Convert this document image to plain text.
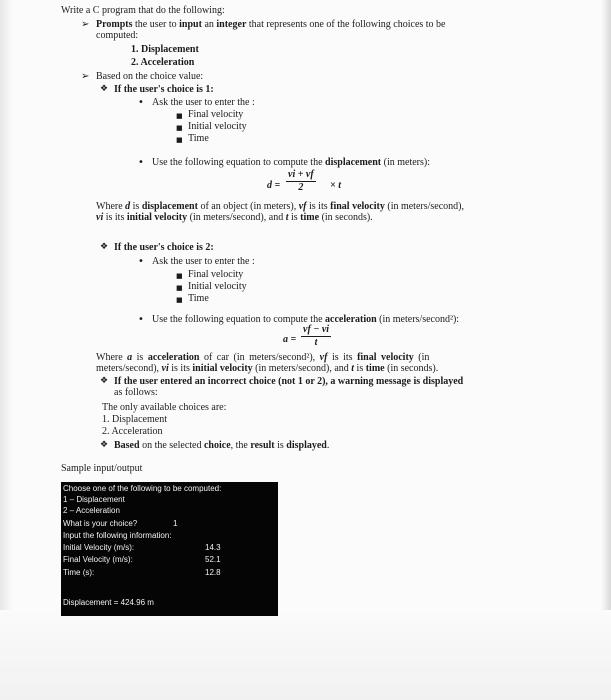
Write a C program that do the following:
➢ Prompts the user to input an integer that represents one of the following choices to be
computed:
1. Displacement
2. Acceleration
➢ Based on the choice value:
❖ If the user's choice is 1:
• Ask the user to enter the :
■ Final velocity
■ Initial velocity
■ Time
• Use the following equation to compute the displacement (in meters):
$d = \frac{vi + vf}{2} \times t$
Where d is displacement of an object (in meters), vf is its final velocity (in meters/second),
vi is its initial velocity (in meters/second), and t is time (in seconds).
❖ If the user's choice is 2:
• Ask the user to enter the :
■ Final velocity
■ Initial velocity
■ Time
• Use the following equation to compute the acceleration (in meters/second²):
$a = \frac{vf - vi}{t}$
Where a is acceleration of car (in meters/second²), vf is its final velocity (in
meters/second), vi is its initial velocity (in meters/second), and t is time (in seconds).
❖ If the user entered an incorrect choice (not 1 or 2), a warning message is displayed
as follows:
The only available choices are:
1. Displacement
2. Acceleration
❖ Based on the selected choice, the result is displayed.
Sample input/output
Choose one of the following to be computed:
1 – Displacement
2 – Acceleration
What is your choice?	1
Input the following information:
Initial Velocity (m/s):	14.3
Final Velocity (m/s):	52.1
Time (s):	12.8
Displacement = 424.96 m
